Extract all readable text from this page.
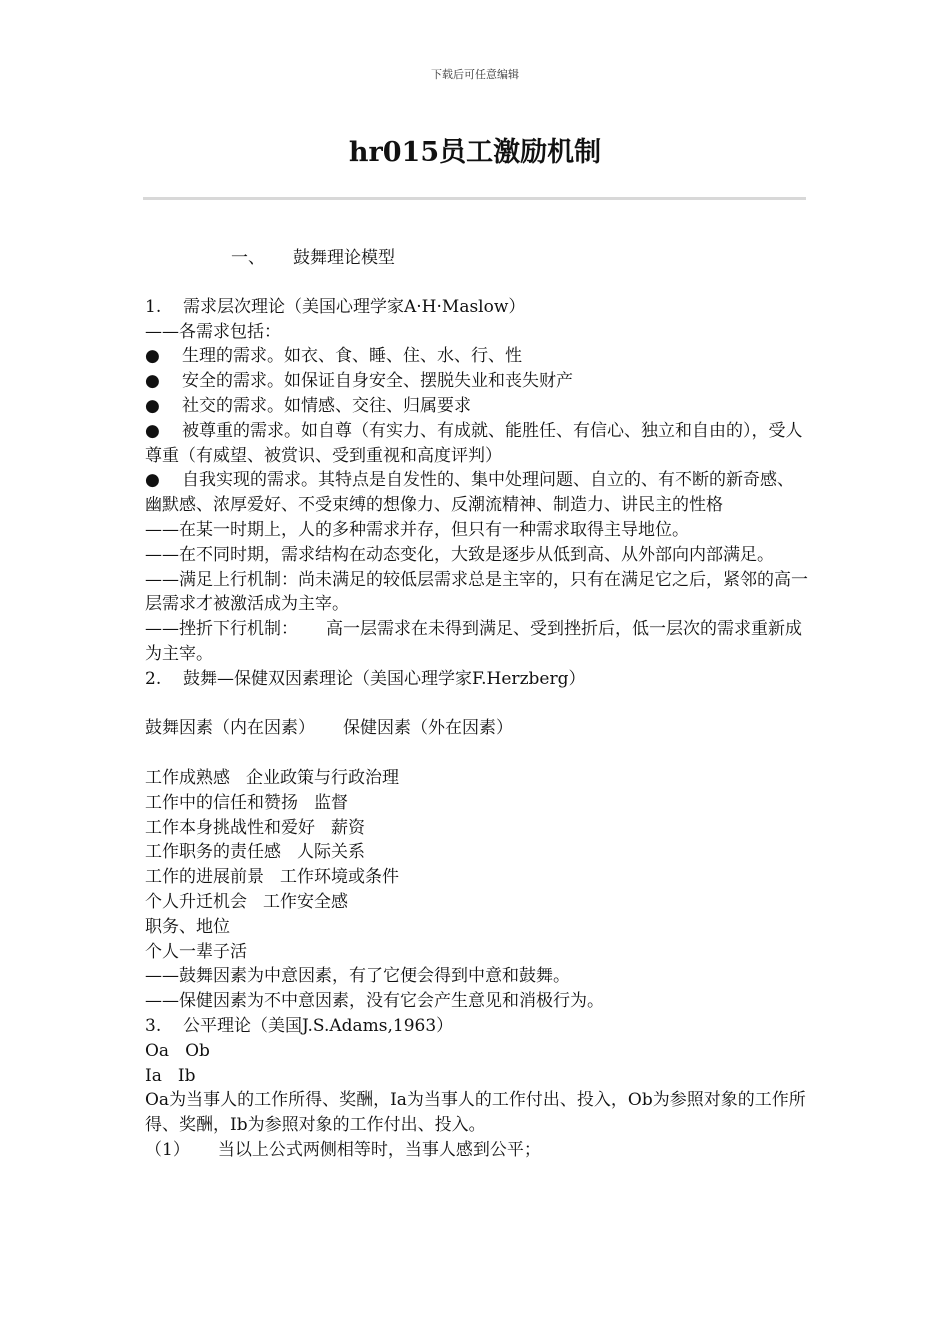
下载后可任意编辑
hr015员工激励机制
一、 鼓舞理论模型
1. 需求层次理论（美国心理学家A·H·Maslow）
——各需求包括：
● 生理的需求。如衣、食、睡、住、水、行、性
● 安全的需求。如保证自身安全、摆脱失业和丧失财产
● 社交的需求。如情感、交往、归属要求
● 被尊重的需求。如自尊（有实力、有成就、能胜任、有信心、独立和自由的），受人尊重（有威望、被赏识、受到重视和高度评判）
● 自我实现的需求。其特点是自发性的、集中处理问题、自立的、有不断的新奇感、幽默感、浓厚爱好、不受束缚的想像力、反潮流精神、制造力、讲民主的性格
——在某一时期上，人的多种需求并存，但只有一种需求取得主导地位。
——在不同时期，需求结构在动态变化，大致是逐步从低到高、从外部向内部满足。
——满足上行机制：尚未满足的较低层需求总是主宰的，只有在满足它之后，紧邻的高一层需求才被激活成为主宰。
——挫折下行机制： 高一层需求在未得到满足、受到挫折后，低一层次的需求重新成为主宰。
2. 鼓舞—保健双因素理论（美国心理学家F.Herzberg）
鼓舞因素（内在因素） 保健因素（外在因素）
工作成熟感 企业政策与行政治理
工作中的信任和赞扬 监督
工作本身挑战性和爱好 薪资
工作职务的责任感 人际关系
工作的进展前景 工作环境或条件
个人升迁机会 工作安全感
职务、地位
个人一辈子活
——鼓舞因素为中意因素，有了它便会得到中意和鼓舞。
——保健因素为不中意因素，没有它会产生意见和消极行为。
3. 公平理论（美国J.S.Adams,1963）
Oa Ob
Ia Ib
Oa为当事人的工作所得、奖酬，Ia为当事人的工作付出、投入，Ob为参照对象的工作所得、奖酬，Ib为参照对象的工作付出、投入。
（1） 当以上公式两侧相等时，当事人感到公平；
